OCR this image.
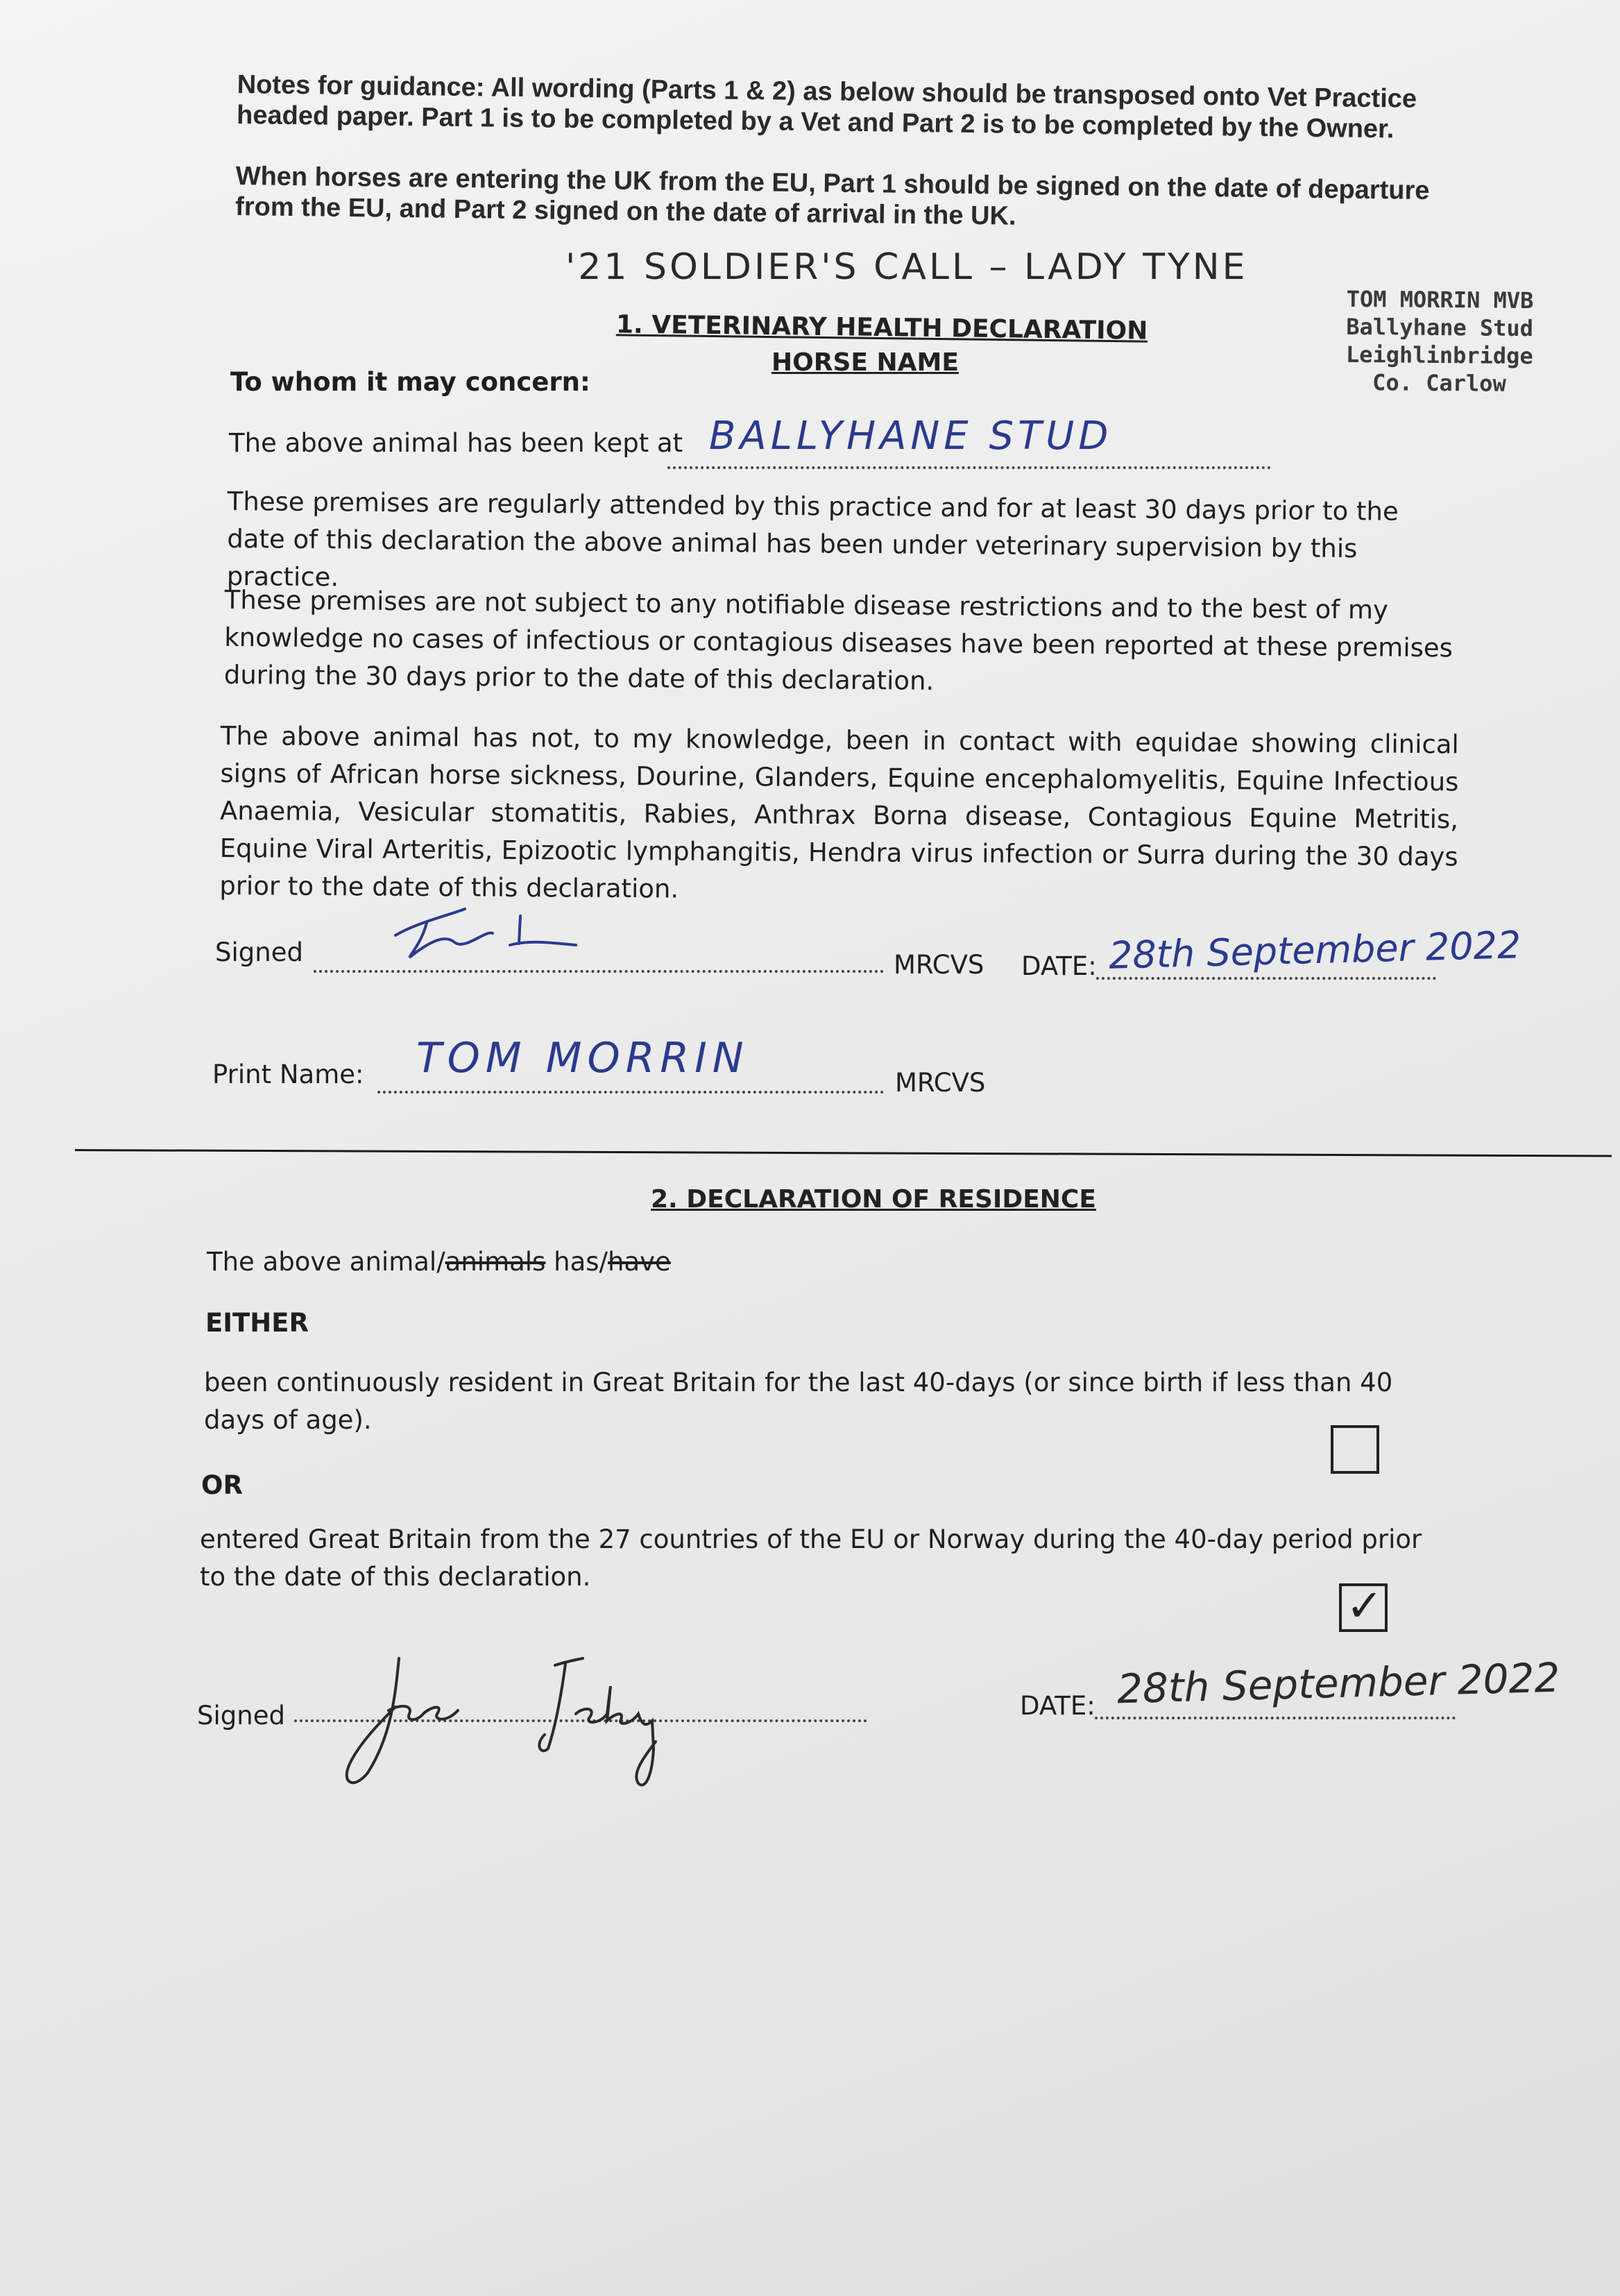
Notes for guidance: All wording (Parts 1 & 2) as below should be transposed onto Vet Practice headed paper. Part 1 is to be completed by a Vet and Part 2 is to be completed by the Owner.
When horses are entering the UK from the EU, Part 1 should be signed on the date of departure from the EU, and Part 2 signed on the date of arrival in the UK.
'21 SOLDIER'S CALL – LADY TYNE
TOM MORRIN MVB
Ballyhane Stud
Leighlinbridge
Co. Carlow
1. VETERINARY HEALTH DECLARATION
HORSE NAME
To whom it may concern:
The above animal has been kept at BALLYHANE STUD
These premises are regularly attended by this practice and for at least 30 days prior to the date of this declaration the above animal has been under veterinary supervision by this practice.
These premises are not subject to any notifiable disease restrictions and to the best of my knowledge no cases of infectious or contagious diseases have been reported at these premises during the 30 days prior to the date of this declaration.
The above animal has not, to my knowledge, been in contact with equidae showing clinical signs of African horse sickness, Dourine, Glanders, Equine encephalomyelitis, Equine Infectious Anaemia, Vesicular stomatitis, Rabies, Anthrax Borna disease, Contagious Equine Metritis, Equine Viral Arteritis, Epizootic lymphangitis, Hendra virus infection or Surra during the 30 days prior to the date of this declaration.
Signed	MRCVS DATE: 28th September 2022
Print Name: TOM MORRIN
MRCVS
2. DECLARATION OF RESIDENCE
The above animal/animals has/have
EITHER
been continuously resident in Great Britain for the last 40-days (or since birth if less than 40 days of age).
OR
entered Great Britain from the 27 countries of the EU or Norway during the 40-day period prior to the date of this declaration.
✓
Signed	DATE: 28th September 2022
